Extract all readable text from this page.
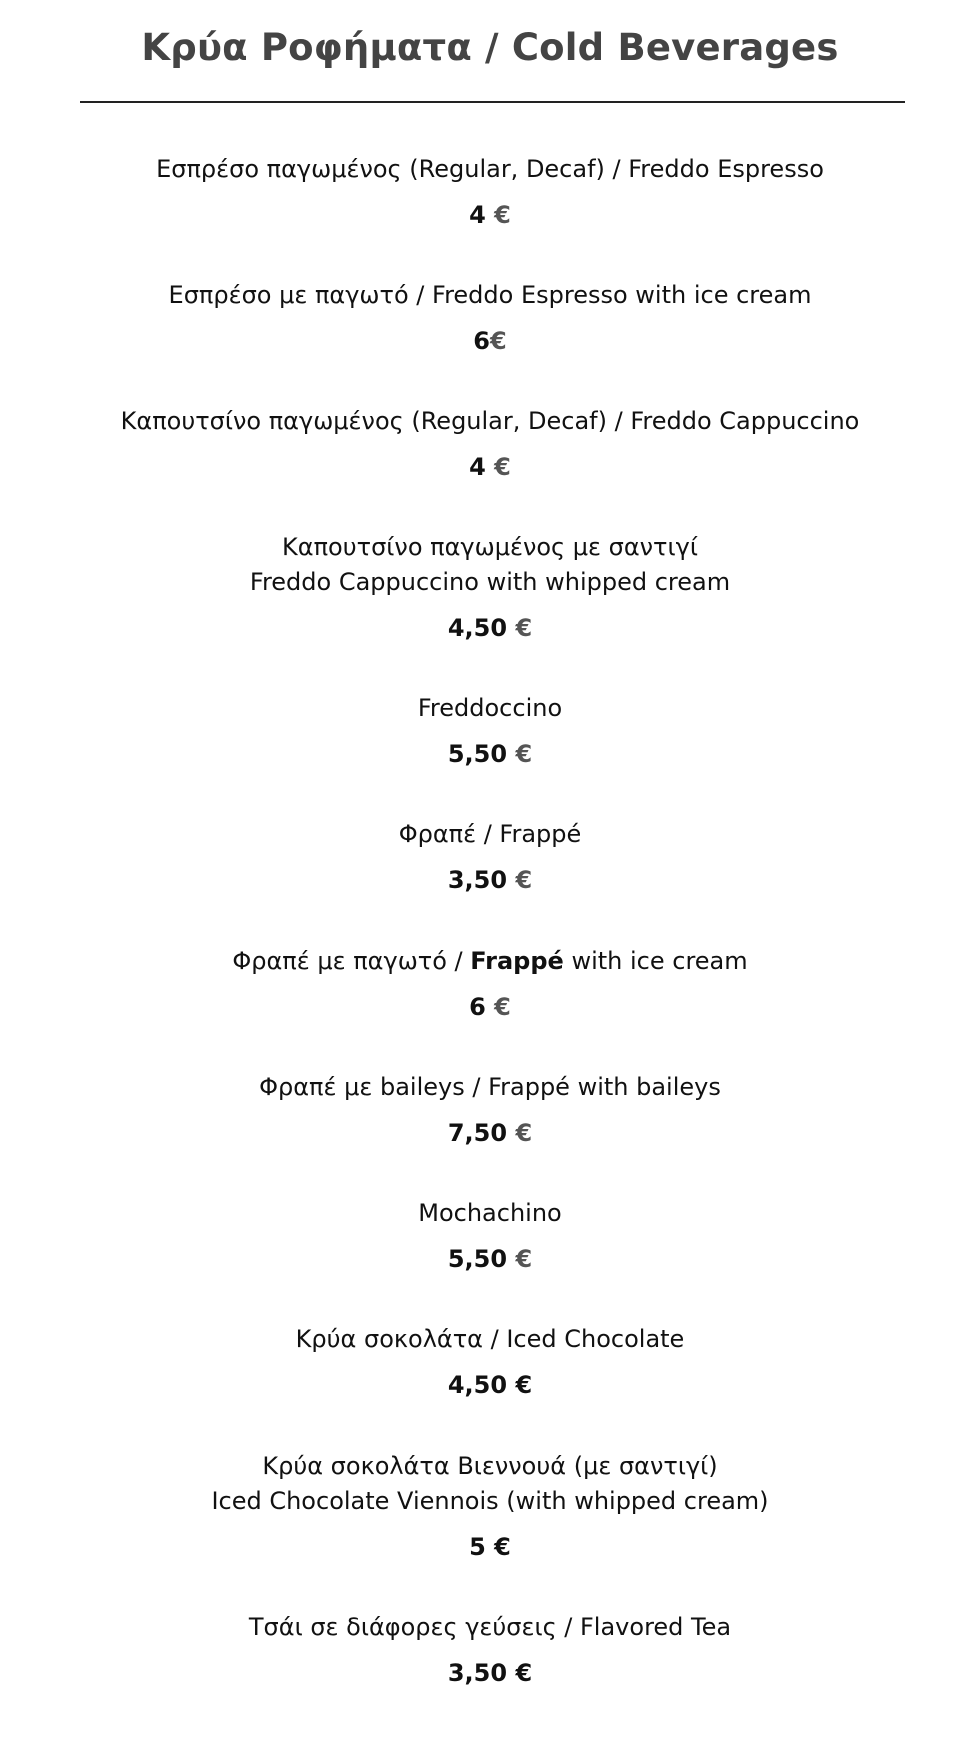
Κρύα Ροφήματα / Cold Beverages
Εσπρέσο παγωμένος (Regular, Decaf) / Freddo Espresso
4 €
Εσπρέσο με παγωτό / Freddo Espresso with ice cream
6€
Καπουτσίνο παγωμένος (Regular, Decaf) / Freddo Cappuccino
4 €
Καπουτσίνο παγωμένος με σαντιγί
Freddo Cappuccino with whipped cream
4,50 €
Freddoccino
5,50 €
Φραπέ / Frappé
3,50 €
Φραπέ με παγωτό / Frappé with ice cream
6 €
Φραπέ με baileys / Frappé with baileys
7,50 €
Mochachino
5,50 €
Κρύα σοκολάτα / Iced Chocolate
4,50 €
Κρύα σοκολάτα Βιεννουά (με σαντιγί)
Iced Chocolate Viennois (with whipped cream)
5 €
Τσάι σε διάφορες γεύσεις / Flavored Tea
3,50 €
